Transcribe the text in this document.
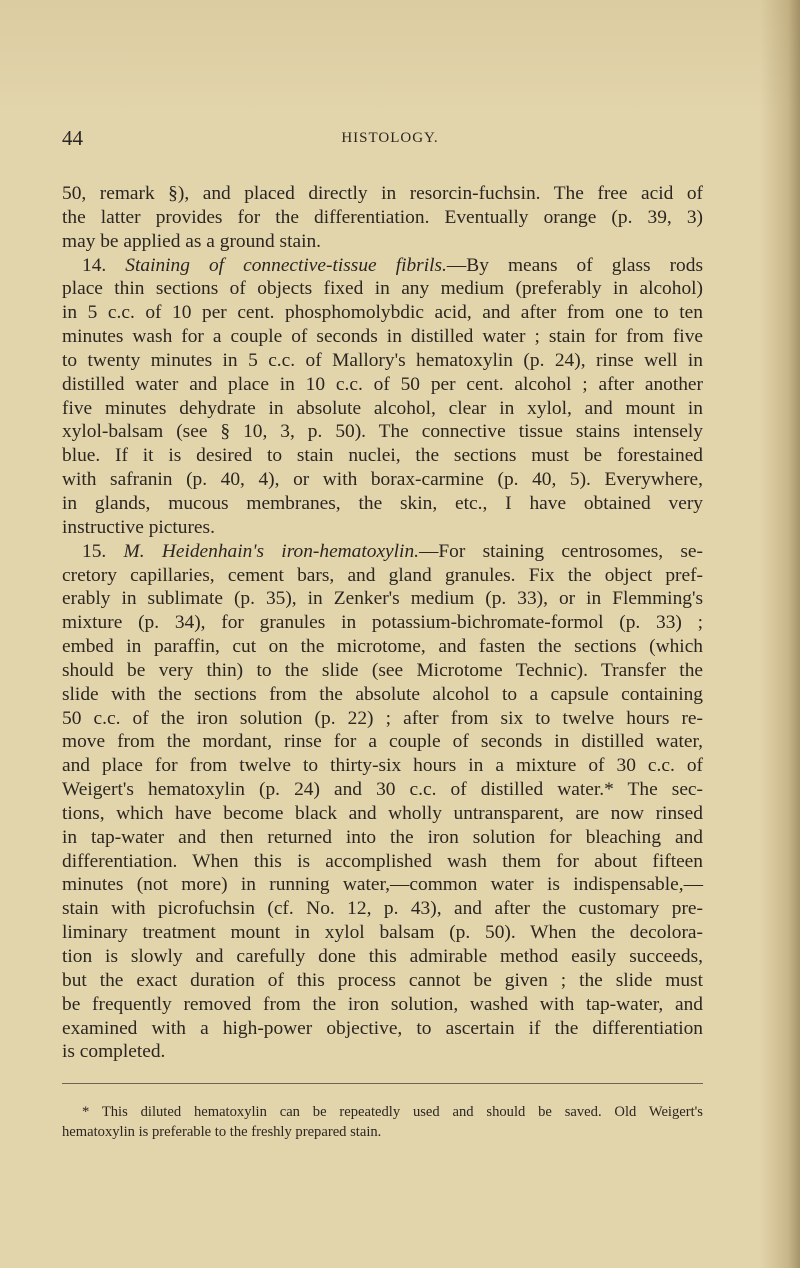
44	HISTOLOGY.
50, remark §), and placed directly in resorcin-fuchsin. The free acid of
the latter provides for the differentiation. Eventually orange (p. 39, 3)
may be applied as a ground stain.
14. Staining of connective-tissue fibrils.—By means of glass rods
place thin sections of objects fixed in any medium (preferably in alcohol)
in 5 c.c. of 10 per cent. phosphomolybdic acid, and after from one to ten
minutes wash for a couple of seconds in distilled water ; stain for from five
to twenty minutes in 5 c.c. of Mallory's hematoxylin (p. 24), rinse well in
distilled water and place in 10 c.c. of 50 per cent. alcohol ; after another
five minutes dehydrate in absolute alcohol, clear in xylol, and mount in
xylol-balsam (see § 10, 3, p. 50). The connective tissue stains intensely
blue. If it is desired to stain nuclei, the sections must be forestained
with safranin (p. 40, 4), or with borax-carmine (p. 40, 5). Everywhere,
in glands, mucous membranes, the skin, etc., I have obtained very
instructive pictures.
15. M. Heidenhain's iron-hematoxylin.—For staining centrosomes, se-
cretory capillaries, cement bars, and gland granules. Fix the object pref-
erably in sublimate (p. 35), in Zenker's medium (p. 33), or in Flemming's
mixture (p. 34), for granules in potassium-bichromate-formol (p. 33) ;
embed in paraffin, cut on the microtome, and fasten the sections (which
should be very thin) to the slide (see Microtome Technic). Transfer the
slide with the sections from the absolute alcohol to a capsule containing
50 c.c. of the iron solution (p. 22) ; after from six to twelve hours re-
move from the mordant, rinse for a couple of seconds in distilled water,
and place for from twelve to thirty-six hours in a mixture of 30 c.c. of
Weigert's hematoxylin (p. 24) and 30 c.c. of distilled water.* The sec-
tions, which have become black and wholly untransparent, are now rinsed
in tap-water and then returned into the iron solution for bleaching and
differentiation. When this is accomplished wash them for about fifteen
minutes (not more) in running water,—common water is indispensable,—
stain with picrofuchsin (cf. No. 12, p. 43), and after the customary pre-
liminary treatment mount in xylol balsam (p. 50). When the decolora-
tion is slowly and carefully done this admirable method easily succeeds,
but the exact duration of this process cannot be given ; the slide must
be frequently removed from the iron solution, washed with tap-water, and
examined with a high-power objective, to ascertain if the differentiation
is completed.
* This diluted hematoxylin can be repeatedly used and should be saved. Old Weigert's
hematoxylin is preferable to the freshly prepared stain.
